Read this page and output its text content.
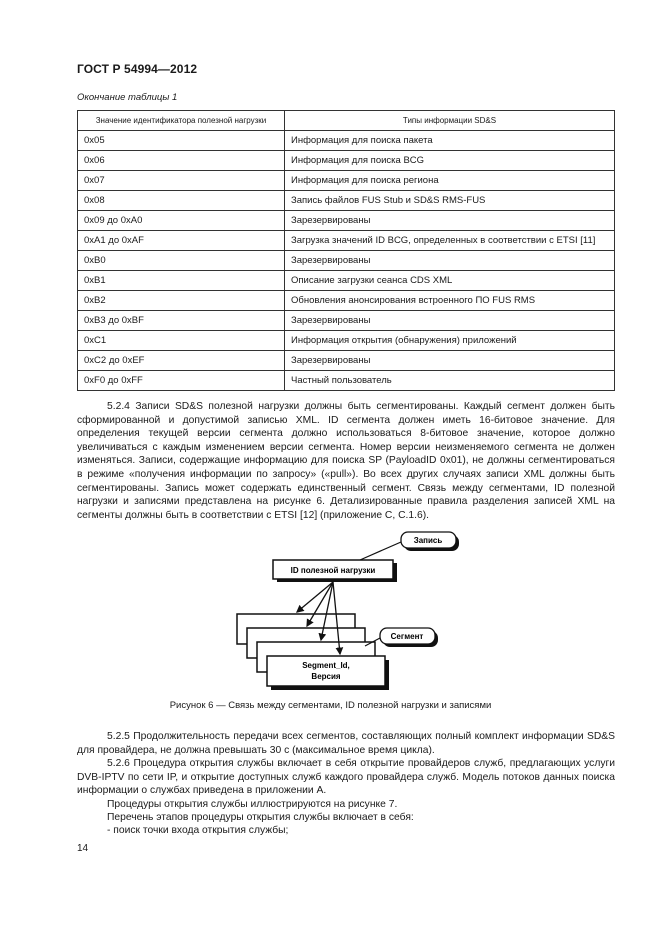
ГОСТ Р 54994—2012
Окончание таблицы 1
Значение идентификатора полезной нагрузки	Типы информации SD&S
0x05	Информация для поиска пакета
0x06	Информация для поиска BCG
0x07	Информация для поиска региона
0x08	Запись файлов FUS Stub и SD&S RMS-FUS
0x09 до 0xA0	Зарезервированы
0xA1 до 0xAF	Загрузка значений ID BCG, определенных в соответствии с ETSI [11]
0xB0	Зарезервированы
0xB1	Описание загрузки сеанса CDS XML
0xB2	Обновления анонсирования встроенного ПО FUS RMS
0xB3 до 0xBF	Зарезервированы
0xC1	Информация открытия (обнаружения) приложений
0xC2 до 0xEF	Зарезервированы
0xF0 до 0xFF	Частный пользователь
5.2.4 Записи SD&S полезной нагрузки должны быть сегментированы. Каждый сегмент должен быть сформированной и допустимой записью XML. ID сегмента должен иметь 16-битовое значение. Для определения текущей версии сегмента должно использоваться 8-битовое значение, которое должно увеличиваться с каждым изменением версии сегмента. Номер версии неизменяемого сегмента не должен изменяться. Записи, содержащие информацию для поиска SP (PayloadID 0x01), не должны сегментироваться в режиме «получения информации по запросу» («pull»). Во всех других случаях записи XML должны быть сегментированы. Запись может содержать единственный сегмент. Связь между сегментами, ID полезной нагрузки и записями представлена на рисунке 6. Детализированные правила разделения записей XML на сегменты должны быть в соответствии с ETSI [12] (приложение С, С.1.6).
ID полезной нагрузки
Запись
Segment_Id,
Версия
Сегмент
Рисунок 6 — Связь между сегментами, ID полезной нагрузки и записями
5.2.5 Продолжительность передачи всех сегментов, составляющих полный комплект информации SD&S для провайдера, не должна превышать 30 с (максимальное время цикла).
5.2.6 Процедура открытия службы включает в себя открытие провайдеров служб, предлагающих услуги DVB-IPTV по сети IP, и открытие доступных служб каждого провайдера служб. Модель потоков данных поиска информации о службах приведена в приложении А.
Процедуры открытия службы иллюстрируются на рисунке 7.
Перечень этапов процедуры открытия службы включает в себя:
- поиск точки входа открытия службы;
14
